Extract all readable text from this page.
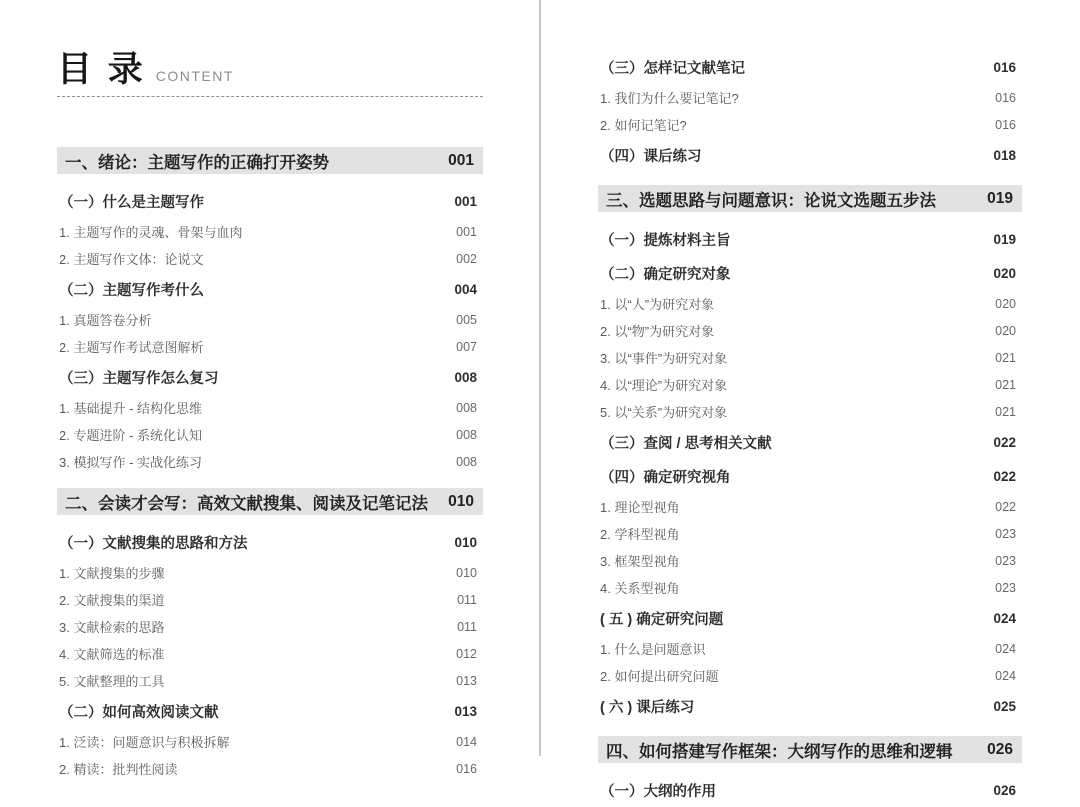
目 录 CONTENT
一、绪论：主题写作的正确打开姿势	001
（一）什么是主题写作	001
1. 主题写作的灵魂、骨架与血肉	001
2. 主题写作文体：论说文	002
（二）主题写作考什么	004
1. 真题答卷分析	005
2. 主题写作考试意图解析	007
（三）主题写作怎么复习	008
1. 基础提升 - 结构化思维	008
2. 专题进阶 - 系统化认知	008
3. 模拟写作 - 实战化练习	008
二、会读才会写：高效文献搜集、阅读及记笔记法 010
（一）文献搜集的思路和方法	010
1. 文献搜集的步骤	010
2. 文献搜集的渠道	011
3. 文献检索的思路	011
4. 文献筛选的标准	012
5. 文献整理的工具	013
（二）如何高效阅读文献	013
1. 泛读：问题意识与积极拆解	014
2. 精读：批判性阅读	016
（三）怎样记文献笔记	016
1. 我们为什么要记笔记?	016
2. 如何记笔记?	016
（四）课后练习	018
三、选题思路与问题意识：论说文选题五步法	019
（一）提炼材料主旨	019
（二）确定研究对象	020
1. 以“人”为研究对象	020
2. 以“物”为研究对象	020
3. 以“事件”为研究对象	021
4. 以“理论”为研究对象	021
5. 以“关系”为研究对象	021
（三）查阅 / 思考相关文献	022
（四）确定研究视角	022
1. 理论型视角	022
2. 学科型视角	023
3. 框架型视角	023
4. 关系型视角	023
( 五 ) 确定研究问题	024
1. 什么是问题意识	024
2. 如何提出研究问题	024
( 六 ) 课后练习	025
四、如何搭建写作框架：大纲写作的思维和逻辑 026
（一）大纲的作用	026
